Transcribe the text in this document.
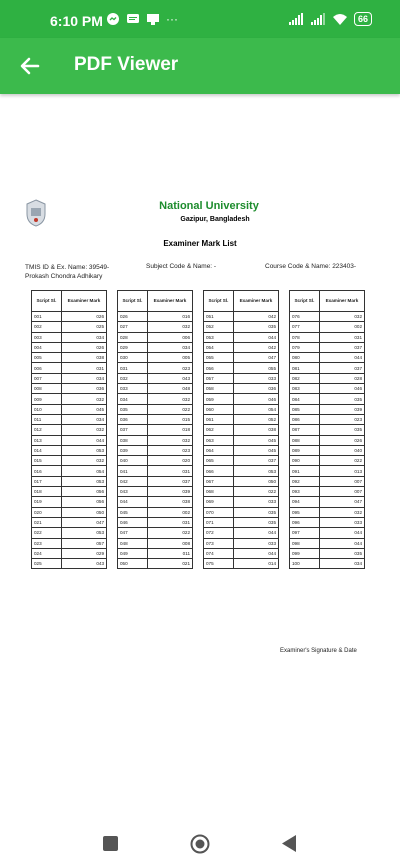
6:10 PM	···	66
PDF Viewer
National University
Gazipur, Bangladesh
Examiner Mark List
TMIS ID & Ex. Name: 39549-Prokash Chondra Adhikary
Subject Code & Name: -	Course Code & Name: 223403-
Script Sl.	Examiner Mark
001	026
002	025
003	034
004	026
005	038
006	031
007	034
008	036
009	032
010	045
011	034
012	032
013	044
014	053
015	032
016	054
017	053
018	056
019	056
020	050
021	047
022	053
023	057
024	029
025	043
Script Sl.	Examiner Mark
026	016
027	032
028	006
029	034
030	005
031	023
032	043
033	048
034	032
035	022
036	015
037	018
038	032
039	023
040	020
041	031
042	037
043	039
044	038
045	002
046	031
047	022
048	008
049	011
050	021
Script Sl.	Examiner Mark
051	042
052	035
053	044
054	042
055	047
056	055
057	033
058	036
059	046
060	054
061	052
062	038
063	045
064	045
065	037
066	053
067	050
068	022
069	033
070	035
071	035
072	044
073	033
074	044
075	014
Script Sl.	Examiner Mark
076	032
077	002
078	031
079	037
080	044
081	037
082	028
083	046
084	035
085	039
086	023
087	035
088	026
089	040
090	022
091	013
092	007
093	007
094	047
095	032
096	033
097	044
098	044
099	035
100	034
Examiner's Signature & Date
